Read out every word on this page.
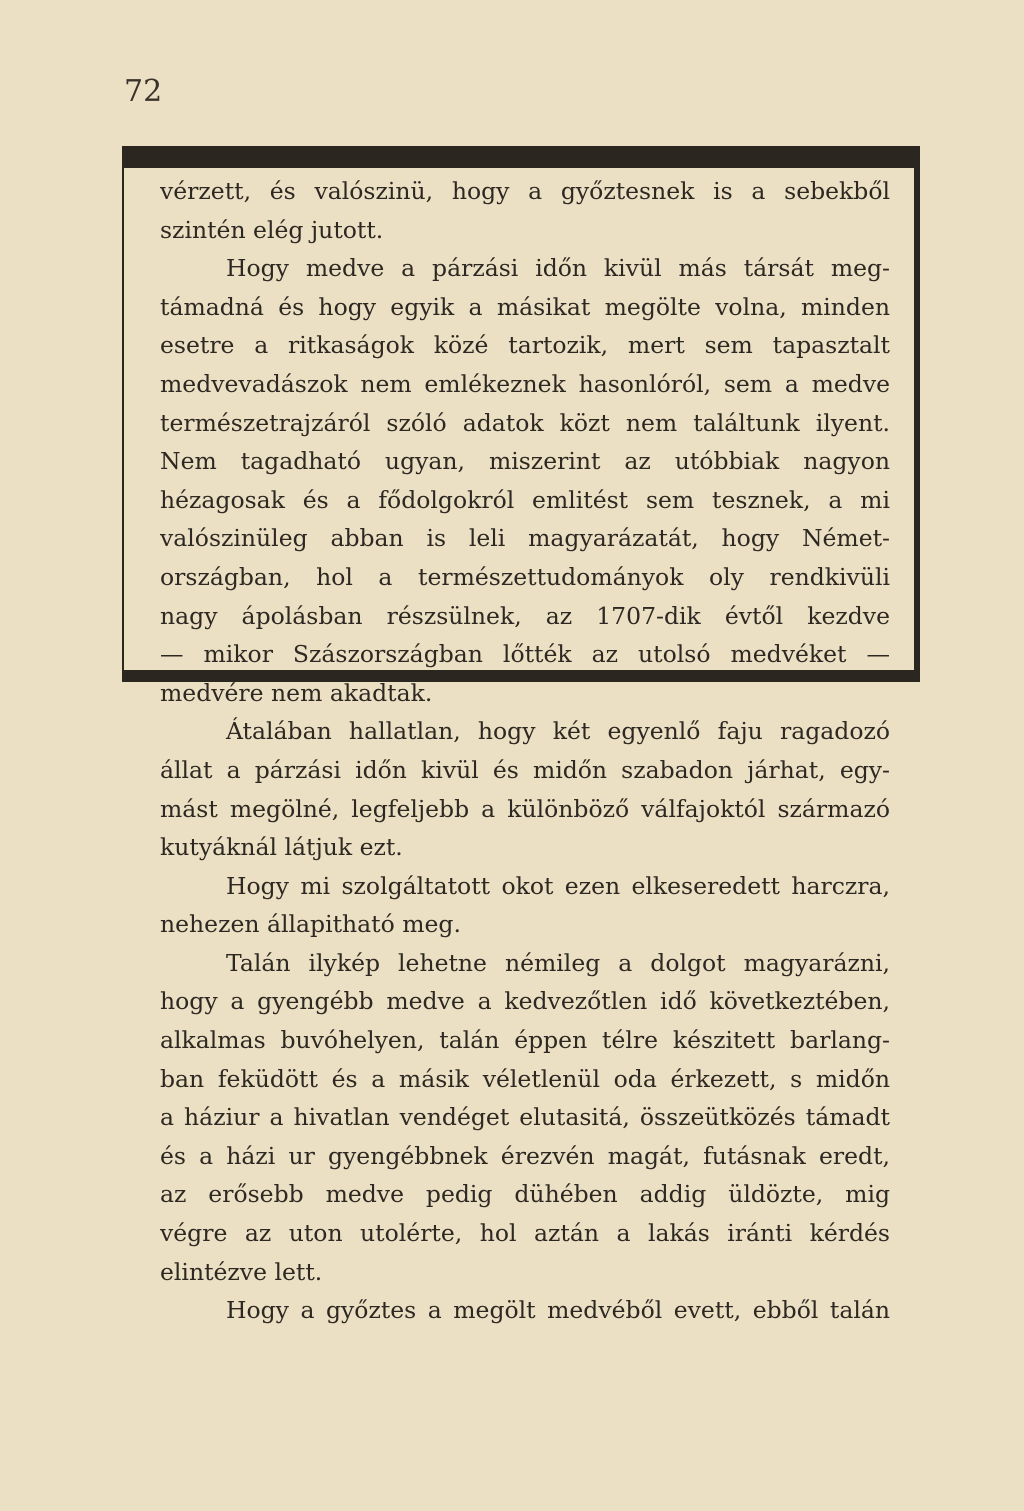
72
vérzett, és valószinü, hogy a győztesnek is a sebekből
szintén elég jutott.
Hogy medve a párzási időn kivül más társát meg-
támadná és hogy egyik a másikat megölte volna, minden
esetre a ritkaságok közé tartozik, mert sem tapasztalt
medvevadászok nem emlékeznek hasonlóról, sem a medve
természetrajzáról szóló adatok közt nem találtunk ilyent.
Nem tagadható ugyan, miszerint az utóbbiak nagyon
hézagosak és a fődolgokról emlitést sem tesznek, a mi
valószinüleg abban is leli magyarázatát, hogy Német-
országban, hol a természettudományok oly rendkivüli
nagy ápolásban részsülnek, az 1707-dik évtől kezdve
— mikor Szászországban lőtték az utolsó medvéket —
medvére nem akadtak.
Átalában hallatlan, hogy két egyenlő faju ragadozó
állat a párzási időn kivül és midőn szabadon járhat, egy-
mást megölné, legfeljebb a különböző válfajoktól származó
kutyáknál látjuk ezt.
Hogy mi szolgáltatott okot ezen elkeseredett harczra,
nehezen állapitható meg.
Talán ilykép lehetne némileg a dolgot magyarázni,
hogy a gyengébb medve a kedvezőtlen idő következtében,
alkalmas buvóhelyen, talán éppen télre készitett barlang-
ban feküdött és a másik véletlenül oda érkezett, s midőn
a háziur a hivatlan vendéget elutasitá, összeütközés támadt
és a házi ur gyengébbnek érezvén magát, futásnak eredt,
az erősebb medve pedig dühében addig üldözte, mig
végre az uton utolérte, hol aztán a lakás iránti kérdés
elintézve lett.
Hogy a győztes a megölt medvéből evett, ebből talán
